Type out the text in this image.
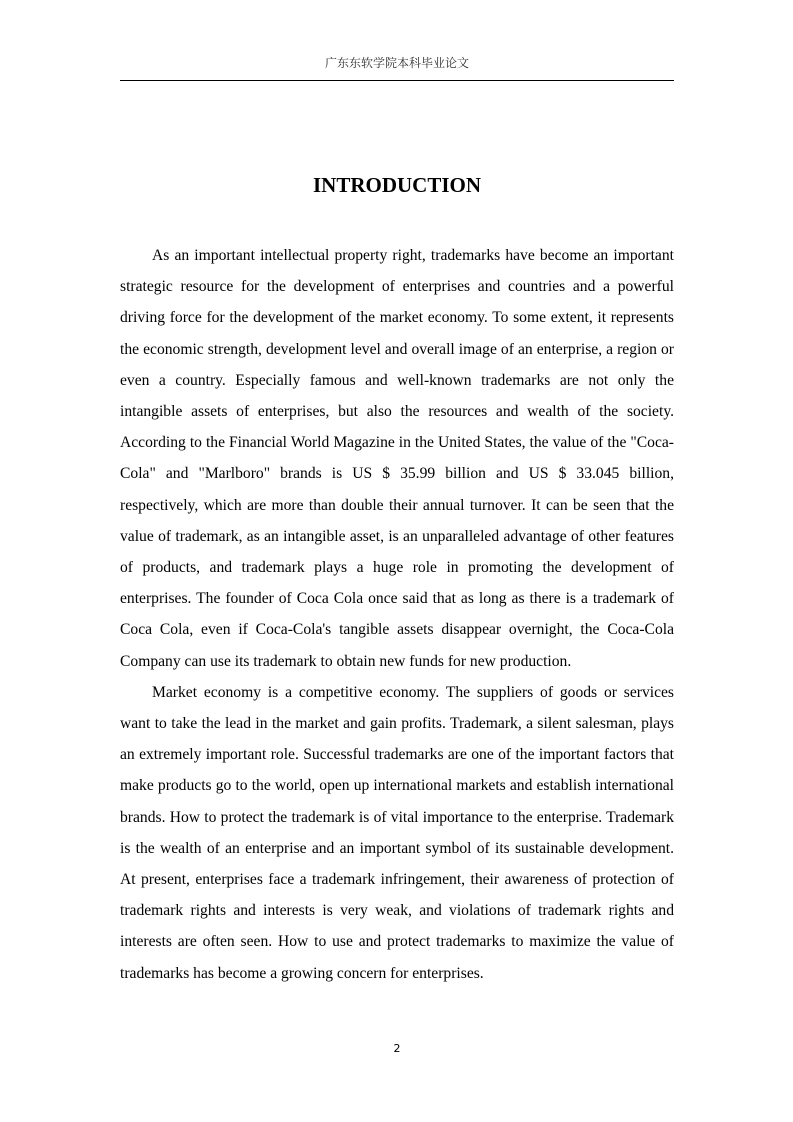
广东东软学院本科毕业论文
INTRODUCTION

As an important intellectual property right, trademarks have become an important strategic resource for the development of enterprises and countries and a powerful driving force for the development of the market economy. To some extent, it represents the economic strength, development level and overall image of an enterprise, a region or even a country. Especially famous and well-known trademarks are not only the intangible assets of enterprises, but also the resources and wealth of the society. According to the Financial World Magazine in the United States, the value of the "Coca-Cola" and "Marlboro" brands is US $ 35.99 billion and US $ 33.045 billion, respectively, which are more than double their annual turnover. It can be seen that the value of trademark, as an intangible asset, is an unparalleled advantage of other features of products, and trademark plays a huge role in promoting the development of enterprises. The founder of Coca Cola once said that as long as there is a trademark of Coca Cola, even if Coca-Cola's tangible assets disappear overnight, the Coca-Cola Company can use its trademark to obtain new funds for new production.

Market economy is a competitive economy. The suppliers of goods or services want to take the lead in the market and gain profits. Trademark, a silent salesman, plays an extremely important role. Successful trademarks are one of the important factors that make products go to the world, open up international markets and establish international brands. How to protect the trademark is of vital importance to the enterprise. Trademark is the wealth of an enterprise and an important symbol of its sustainable development. At present, enterprises face a trademark infringement, their awareness of protection of trademark rights and interests is very weak, and violations of trademark rights and interests are often seen. How to use and protect trademarks to maximize the value of trademarks has become a growing concern for enterprises.

2
